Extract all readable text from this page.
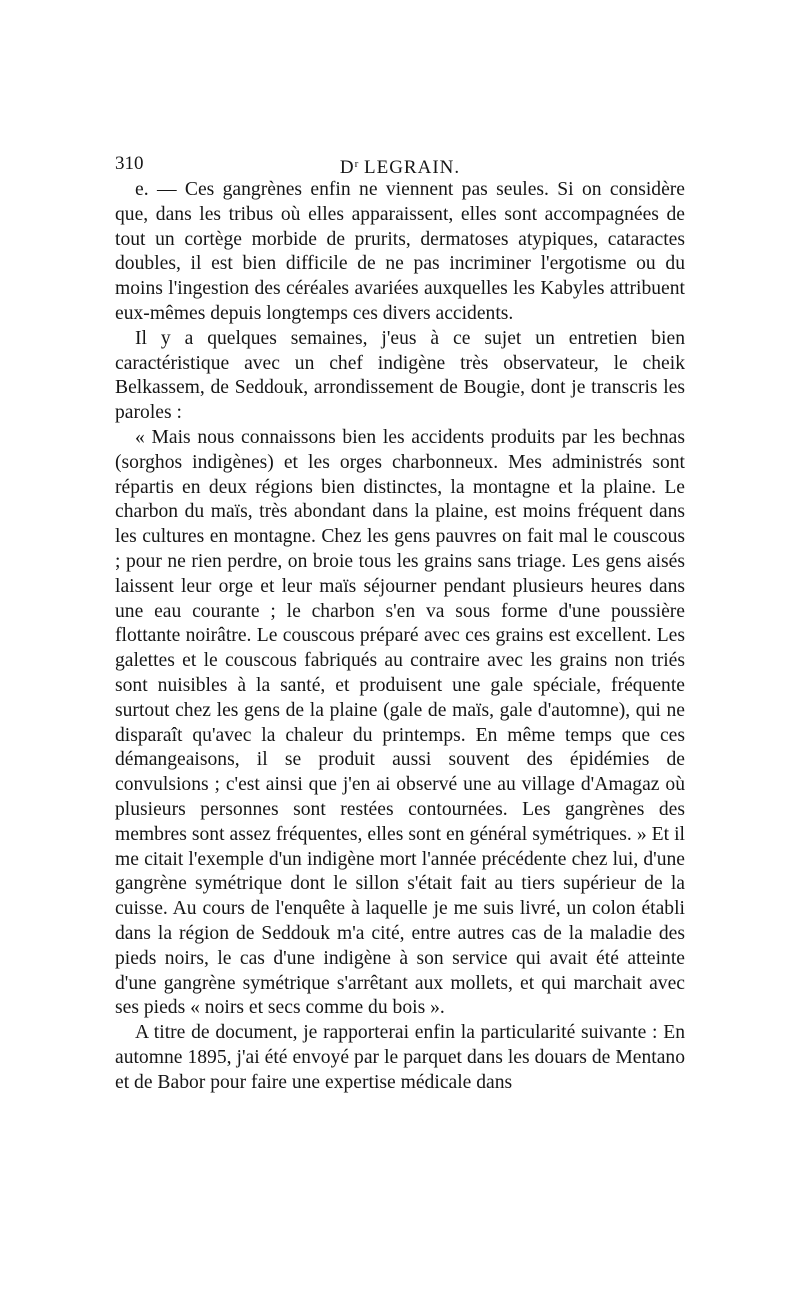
310	$D^r$ LEGRAIN.

e. — Ces gangrènes enfin ne viennent pas seules. Si on considère que, dans les tribus où elles apparaissent, elles sont accompagnées de tout un cortège morbide de prurits, dermatoses atypiques, cataractes doubles, il est bien difficile de ne pas incriminer l'ergotisme ou du moins l'ingestion des céréales avariées auxquelles les Kabyles attribuent eux-mêmes depuis longtemps ces divers accidents.

Il y a quelques semaines, j'eus à ce sujet un entretien bien caractéristique avec un chef indigène très observateur, le cheik Belkassem, de Seddouk, arrondissement de Bougie, dont je transcris les paroles :

« Mais nous connaissons bien les accidents produits par les bechnas (sorghos indigènes) et les orges charbonneux. Mes administrés sont répartis en deux régions bien distinctes, la montagne et la plaine. Le charbon du maïs, très abondant dans la plaine, est moins fréquent dans les cultures en montagne. Chez les gens pauvres on fait mal le couscous ; pour ne rien perdre, on broie tous les grains sans triage. Les gens aisés laissent leur orge et leur maïs séjourner pendant plusieurs heures dans une eau courante ; le charbon s'en va sous forme d'une poussière flottante noirâtre. Le couscous préparé avec ces grains est excellent. Les galettes et le couscous fabriqués au contraire avec les grains non triés sont nuisibles à la santé, et produisent une gale spéciale, fréquente surtout chez les gens de la plaine (gale de maïs, gale d'automne), qui ne disparaît qu'avec la chaleur du printemps. En même temps que ces démangeaisons, il se produit aussi souvent des épidémies de convulsions ; c'est ainsi que j'en ai observé une au village d'Amagaz où plusieurs personnes sont restées contournées. Les gangrènes des membres sont assez fréquentes, elles sont en général symétriques. » Et il me citait l'exemple d'un indigène mort l'année précédente chez lui, d'une gangrène symétrique dont le sillon s'était fait au tiers supérieur de la cuisse. Au cours de l'enquête à laquelle je me suis livré, un colon établi dans la région de Seddouk m'a cité, entre autres cas de la maladie des pieds noirs, le cas d'une indigène à son service qui avait été atteinte d'une gangrène symétrique s'arrêtant aux mollets, et qui marchait avec ses pieds « noirs et secs comme du bois ».

A titre de document, je rapporterai enfin la particularité suivante : En automne 1895, j'ai été envoyé par le parquet dans les douars de Mentano et de Babor pour faire une expertise médicale dans
